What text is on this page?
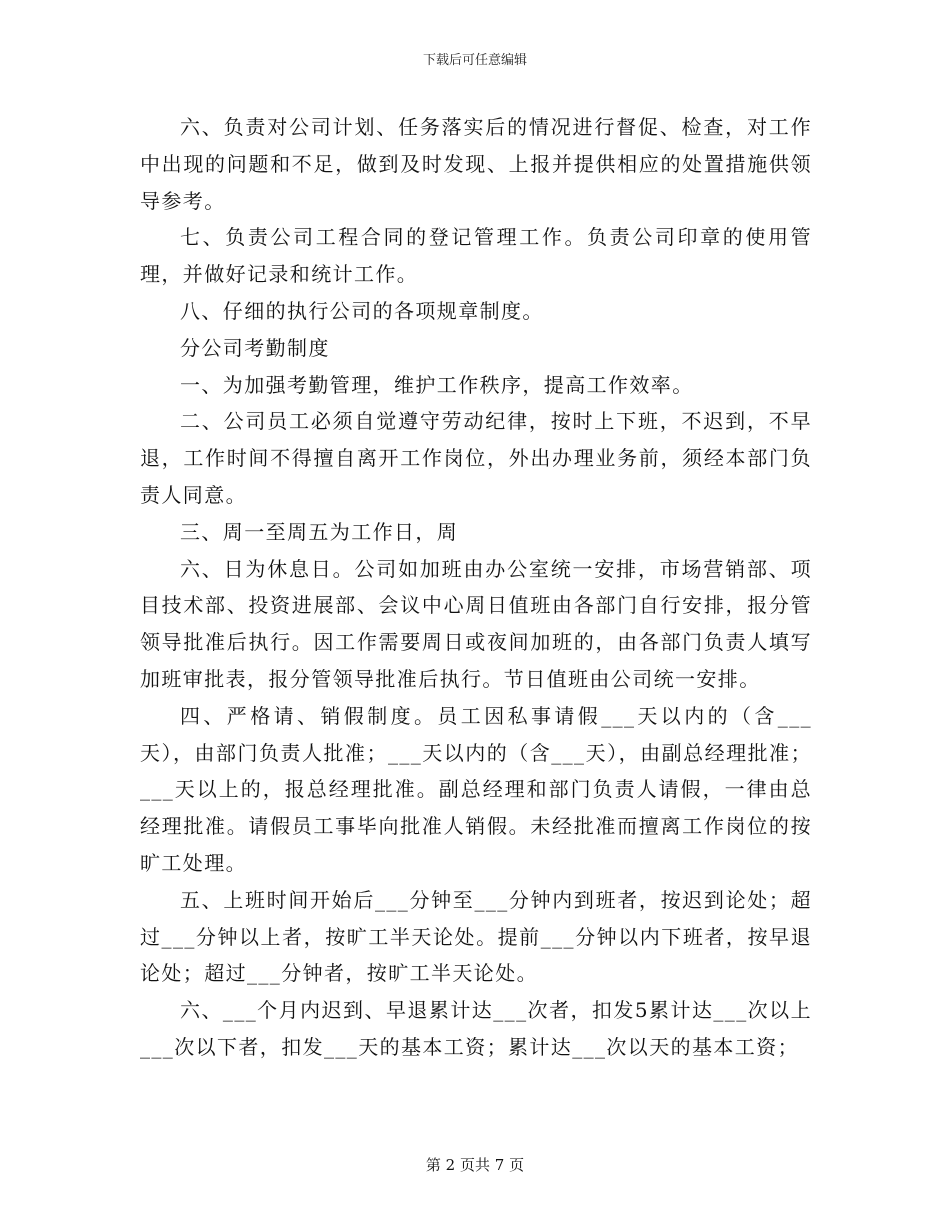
下载后可任意编辑

六、负责对公司计划、任务落实后的情况进行督促、检查，对工作中出现的问题和不足，做到及时发现、上报并提供相应的处置措施供领导参考。

七、负责公司工程合同的登记管理工作。负责公司印章的使用管理，并做好记录和统计工作。

八、仔细的执行公司的各项规章制度。

分公司考勤制度

一、为加强考勤管理，维护工作秩序，提高工作效率。

二、公司员工必须自觉遵守劳动纪律，按时上下班，不迟到，不早退，工作时间不得擅自离开工作岗位，外出办理业务前，须经本部门负责人同意。

三、周一至周五为工作日，周

六、日为休息日。公司如加班由办公室统一安排，市场营销部、项目技术部、投资进展部、会议中心周日值班由各部门自行安排，报分管领导批准后执行。因工作需要周日或夜间加班的，由各部门负责人填写加班审批表，报分管领导批准后执行。节日值班由公司统一安排。

四、严格请、销假制度。员工因私事请假___天以内的（含___天），由部门负责人批准；___天以内的（含___天），由副总经理批准；___天以上的，报总经理批准。副总经理和部门负责人请假，一律由总经理批准。请假员工事毕向批准人销假。未经批准而擅离工作岗位的按旷工处理。

五、上班时间开始后___分钟至___分钟内到班者，按迟到论处；超过___分钟以上者，按旷工半天论处。提前___分钟以内下班者，按早退论处；超过___分钟者，按旷工半天论处。

六、___个月内迟到、早退累计达___次者，扣发5累计达___次以上___次以下者，扣发___天的基本工资；累计达___次以天的基本工资；

第 2 页共 7 页
